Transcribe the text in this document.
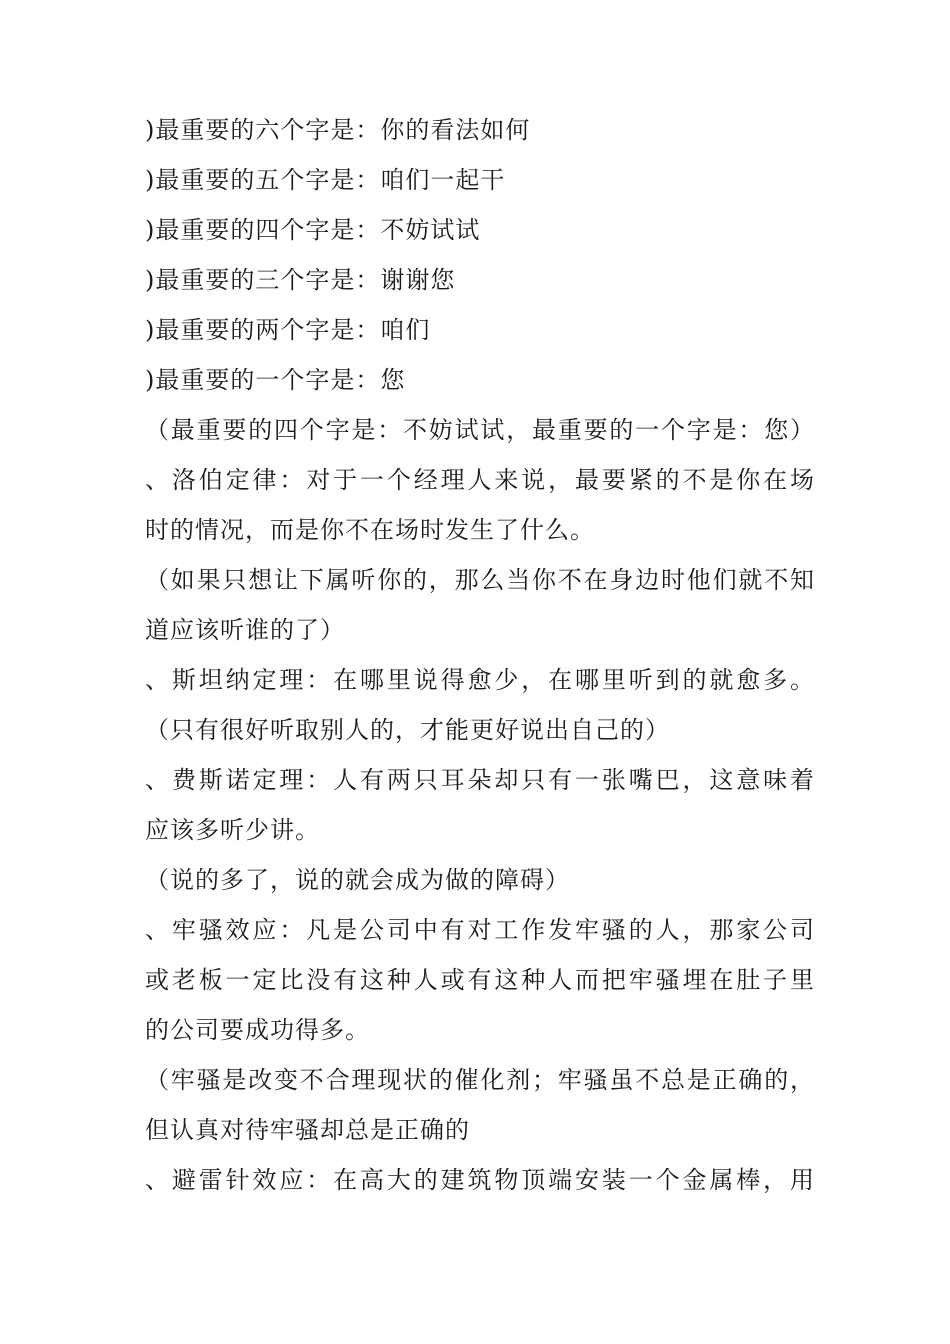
)最重要的六个字是：你的看法如何
)最重要的五个字是：咱们一起干
)最重要的四个字是：不妨试试
)最重要的三个字是：谢谢您
)最重要的两个字是：咱们
)最重要的一个字是：您
（最重要的四个字是：不妨试试，最重要的一个字是：您）
、洛伯定律：对于一个经理人来说，最要紧的不是你在场
时的情况，而是你不在场时发生了什么。
（如果只想让下属听你的，那么当你不在身边时他们就不知
道应该听谁的了）
、斯坦纳定理：在哪里说得愈少，在哪里听到的就愈多。
（只有很好听取别人的，才能更好说出自己的）
、费斯诺定理：人有两只耳朵却只有一张嘴巴，这意味着
应该多听少讲。
（说的多了，说的就会成为做的障碍）
、牢骚效应：凡是公司中有对工作发牢骚的人，那家公司
或老板一定比没有这种人或有这种人而把牢骚埋在肚子里
的公司要成功得多。
（牢骚是改变不合理现状的催化剂；牢骚虽不总是正确的，
但认真对待牢骚却总是正确的
、避雷针效应：在高大的建筑物顶端安装一个金属棒，用
